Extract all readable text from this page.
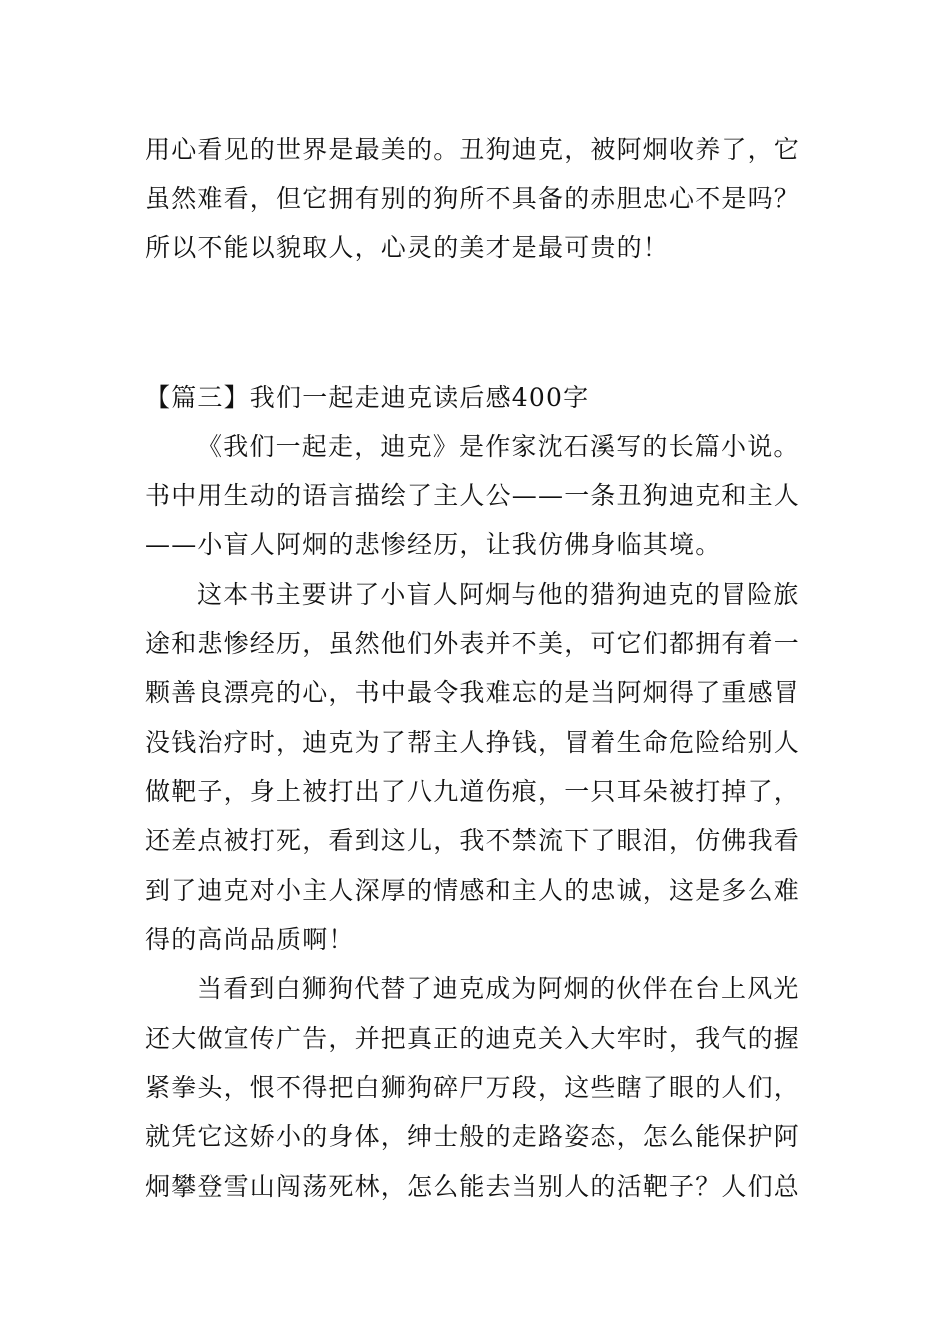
用心看见的世界是最美的。丑狗迪克，被阿炯收养了，它
虽然难看，但它拥有别的狗所不具备的赤胆忠心不是吗？
所以不能以貌取人，心灵的美才是最可贵的！
【篇三】我们一起走迪克读后感400字
《我们一起走，迪克》是作家沈石溪写的长篇小说。
书中用生动的语言描绘了主人公——一条丑狗迪克和主人
——小盲人阿炯的悲惨经历，让我仿佛身临其境。
这本书主要讲了小盲人阿炯与他的猎狗迪克的冒险旅
途和悲惨经历，虽然他们外表并不美，可它们都拥有着一
颗善良漂亮的心，书中最令我难忘的是当阿炯得了重感冒
没钱治疗时，迪克为了帮主人挣钱，冒着生命危险给别人
做靶子，身上被打出了八九道伤痕，一只耳朵被打掉了，
还差点被打死，看到这儿，我不禁流下了眼泪，仿佛我看
到了迪克对小主人深厚的情感和主人的忠诚，这是多么难
得的高尚品质啊！
当看到白狮狗代替了迪克成为阿炯的伙伴在台上风光
还大做宣传广告，并把真正的迪克关入大牢时，我气的握
紧拳头，恨不得把白狮狗碎尸万段，这些瞎了眼的人们，
就凭它这娇小的身体，绅士般的走路姿态，怎么能保护阿
炯攀登雪山闯荡死林，怎么能去当别人的活靶子？人们总
